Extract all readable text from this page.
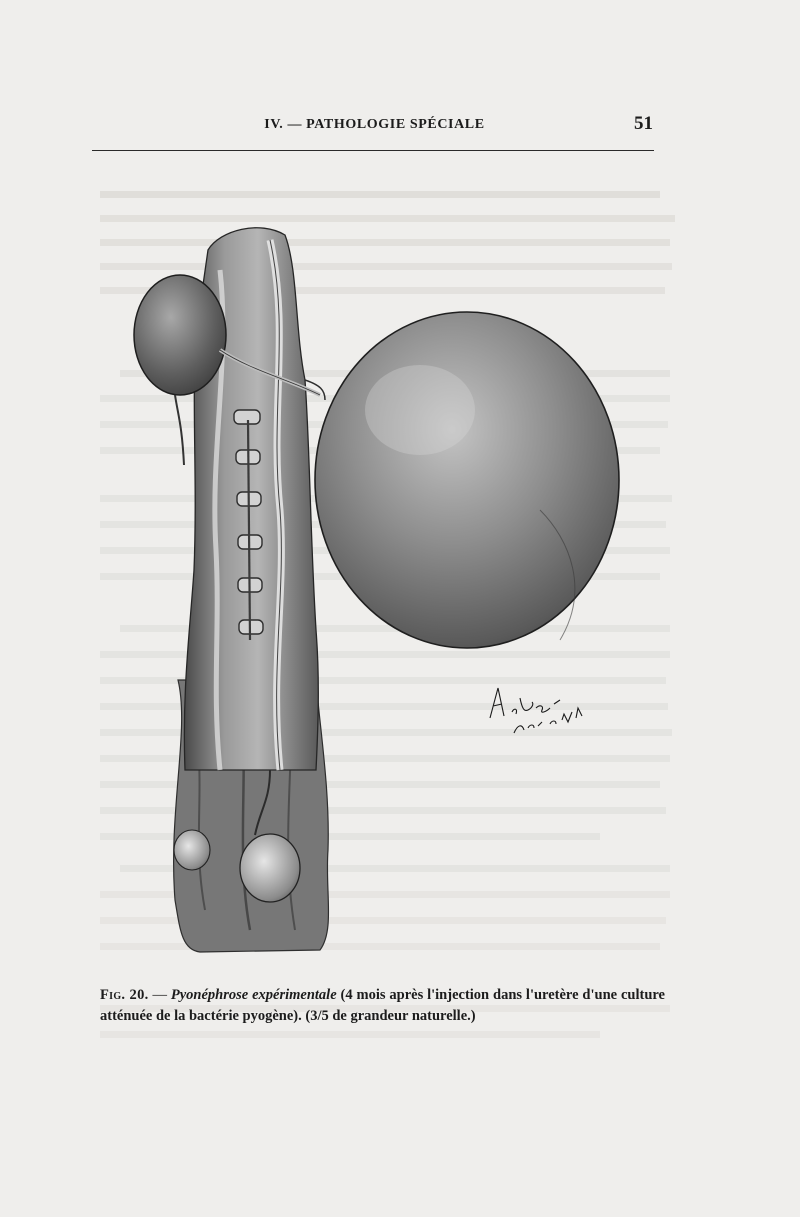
IV. — PATHOLOGIE SPÉCIALE	51
Fig. 20. — Pyonéphrose expérimentale (4 mois après l'injection dans l'uretère d'une culture atténuée de la bactérie pyogène). (3/5 de grandeur naturelle.)
